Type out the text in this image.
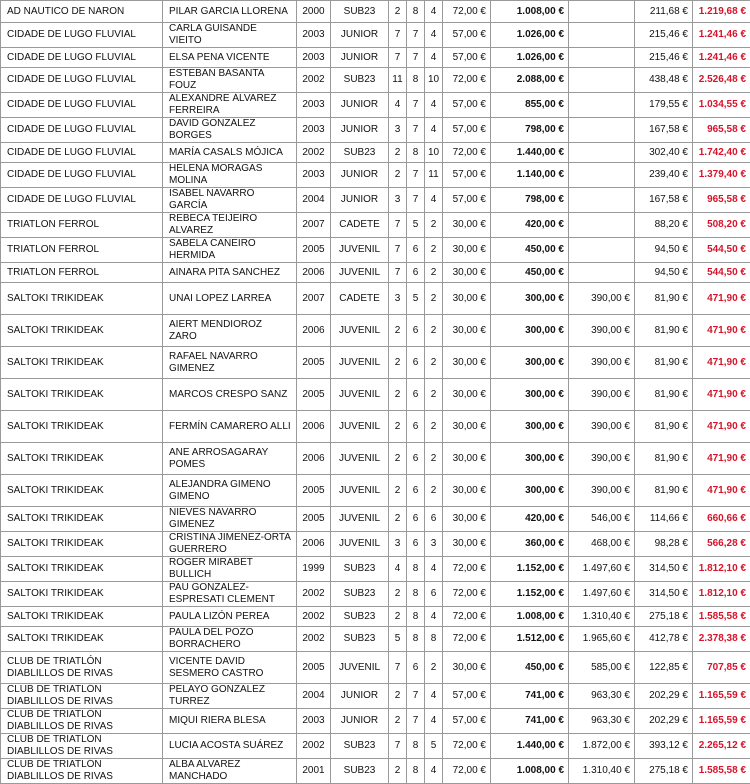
AD NAUTICO DE NARON	PILAR GARCIA LLORENA	2000	SUB23	2	8	4	72,00 €	1.008,00 €		211,68 €	1.219,68 €
CIDADE DE LUGO FLUVIAL	CARLA GUISANDE VIEITO	2003	JUNIOR	7	7	4	57,00 €	1.026,00 €		215,46 €	1.241,46 €
CIDADE DE LUGO FLUVIAL	ELSA PENA VICENTE	2003	JUNIOR	7	7	4	57,00 €	1.026,00 €		215,46 €	1.241,46 €
CIDADE DE LUGO FLUVIAL	ESTEBAN BASANTA FOUZ	2002	SUB23	11	8	10	72,00 €	2.088,00 €		438,48 €	2.526,48 €
CIDADE DE LUGO FLUVIAL	ALEXANDRE ÁLVAREZ FERREIRA	2003	JUNIOR	4	7	4	57,00 €	855,00 €		179,55 €	1.034,55 €
CIDADE DE LUGO FLUVIAL	DAVID GONZÁLEZ BORGES	2003	JUNIOR	3	7	4	57,00 €	798,00 €		167,58 €	965,58 €
CIDADE DE LUGO FLUVIAL	MARÍA CASALS MÓJICA	2002	SUB23	2	8	10	72,00 €	1.440,00 €		302,40 €	1.742,40 €
CIDADE DE LUGO FLUVIAL	HELENA MORAGAS MOLINA	2003	JUNIOR	2	7	11	57,00 €	1.140,00 €		239,40 €	1.379,40 €
CIDADE DE LUGO FLUVIAL	ISABEL NAVARRO GARCÍA	2004	JUNIOR	3	7	4	57,00 €	798,00 €		167,58 €	965,58 €
TRIATLON FERROL	REBECA TEIJEIRO ALVAREZ	2007	CADETE	7	5	2	30,00 €	420,00 €		88,20 €	508,20 €
TRIATLON FERROL	SABELA CANEIRO HERMIDA	2005	JUVENIL	7	6	2	30,00 €	450,00 €		94,50 €	544,50 €
TRIATLON FERROL	AINARA PITA SANCHEZ	2006	JUVENIL	7	6	2	30,00 €	450,00 €		94,50 €	544,50 €
SALTOKI TRIKIDEAK	UNAI LOPEZ LARREA	2007	CADETE	3	5	2	30,00 €	300,00 €	390,00 €	81,90 €	471,90 €
SALTOKI TRIKIDEAK	AIERT MENDIOROZ ZARO	2006	JUVENIL	2	6	2	30,00 €	300,00 €	390,00 €	81,90 €	471,90 €
SALTOKI TRIKIDEAK	RAFAEL NAVARRO GIMENEZ	2005	JUVENIL	2	6	2	30,00 €	300,00 €	390,00 €	81,90 €	471,90 €
SALTOKI TRIKIDEAK	MARCOS CRESPO SANZ	2005	JUVENIL	2	6	2	30,00 €	300,00 €	390,00 €	81,90 €	471,90 €
SALTOKI TRIKIDEAK	FERMÍN CAMARERO ALLI	2006	JUVENIL	2	6	2	30,00 €	300,00 €	390,00 €	81,90 €	471,90 €
SALTOKI TRIKIDEAK	ANE ARROSAGARAY POMES	2006	JUVENIL	2	6	2	30,00 €	300,00 €	390,00 €	81,90 €	471,90 €
SALTOKI TRIKIDEAK	ALEJANDRA GIMENO GIMENO	2005	JUVENIL	2	6	2	30,00 €	300,00 €	390,00 €	81,90 €	471,90 €
SALTOKI TRIKIDEAK	NIEVES NAVARRO GIMENEZ	2005	JUVENIL	2	6	6	30,00 €	420,00 €	546,00 €	114,66 €	660,66 €
SALTOKI TRIKIDEAK	CRISTINA JIMENEZ-ORTA GUERRERO	2006	JUVENIL	3	6	3	30,00 €	360,00 €	468,00 €	98,28 €	566,28 €
SALTOKI TRIKIDEAK	ROGER MIRABET BULLICH	1999	SUB23	4	8	4	72,00 €	1.152,00 €	1.497,60 €	314,50 €	1.812,10 €
SALTOKI TRIKIDEAK	PAU GONZALEZ-ESPRESATI CLEMENT	2002	SUB23	2	8	6	72,00 €	1.152,00 €	1.497,60 €	314,50 €	1.812,10 €
SALTOKI TRIKIDEAK	PAULA LIZÓN PEREA	2002	SUB23	2	8	4	72,00 €	1.008,00 €	1.310,40 €	275,18 €	1.585,58 €
SALTOKI TRIKIDEAK	PAULA DEL POZO BORRACHERO	2002	SUB23	5	8	8	72,00 €	1.512,00 €	1.965,60 €	412,78 €	2.378,38 €
CLUB DE TRIATLÓN DIABLILLOS DE RIVAS	VICENTE DAVID SESMERO CASTRO	2005	JUVENIL	7	6	2	30,00 €	450,00 €	585,00 €	122,85 €	707,85 €
CLUB DE TRIATLÓN DIABLILLOS DE RIVAS	PELAYO GONZALEZ TURREZ	2004	JUNIOR	2	7	4	57,00 €	741,00 €	963,30 €	202,29 €	1.165,59 €
CLUB DE TRIATLÓN DIABLILLOS DE RIVAS	MIQUI RIERA BLESA	2003	JUNIOR	2	7	4	57,00 €	741,00 €	963,30 €	202,29 €	1.165,59 €
CLUB DE TRIATLÓN DIABLILLOS DE RIVAS	LUCIA ACOSTA SUÁREZ	2002	SUB23	7	8	5	72,00 €	1.440,00 €	1.872,00 €	393,12 €	2.265,12 €
CLUB DE TRIATLÓN DIABLILLOS DE RIVAS	ALBA ALVAREZ MANCHADO	2001	SUB23	2	8	4	72,00 €	1.008,00 €	1.310,40 €	275,18 €	1.585,58 €
